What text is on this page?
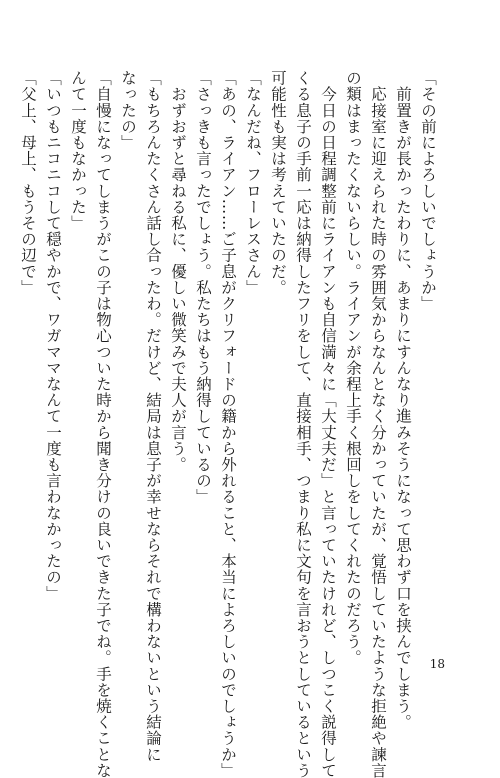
「その前によろしいでしょうか」
　前置きが長かったわりに、あまりにすんなり進みそうになって思わず口を挟んでしまう。
　応接室に迎えられた時の雰囲気からなんとなく分かっていたが、覚悟していたような拒絶や諫言
の類はまったくないらしい。ライアンが余程上手く根回しをしてくれたのだろう。
　今日の日程調整前にライアンも自信満々に「大丈夫だ」と言っていたけれど、しつこく説得して
くる息子の手前一応は納得したフリをして、直接相手、つまり私に文句を言おうとしているという
可能性も実は考えていたのだ。
「なんだね、フローレスさん」
「あの、ライアン……ご子息がクリフォードの籍から外れること、本当によろしいのでしょうか」
「さっきも言ったでしょう。私たちはもう納得しているの」
　おずおずと尋ねる私に、優しい微笑みで夫人が言う。
「もちろんたくさん話し合ったわ。だけど、結局は息子が幸せならそれで構わないという結論に
なったの」
「自慢になってしまうがこの子は物心ついた時から聞き分けの良いできた子でね。手を焼くことな
んて一度もなかった」
「いつもニコニコして穏やかで、ワガママなんて一度も言わなかったの」
「父上、母上、もうその辺で」
18
